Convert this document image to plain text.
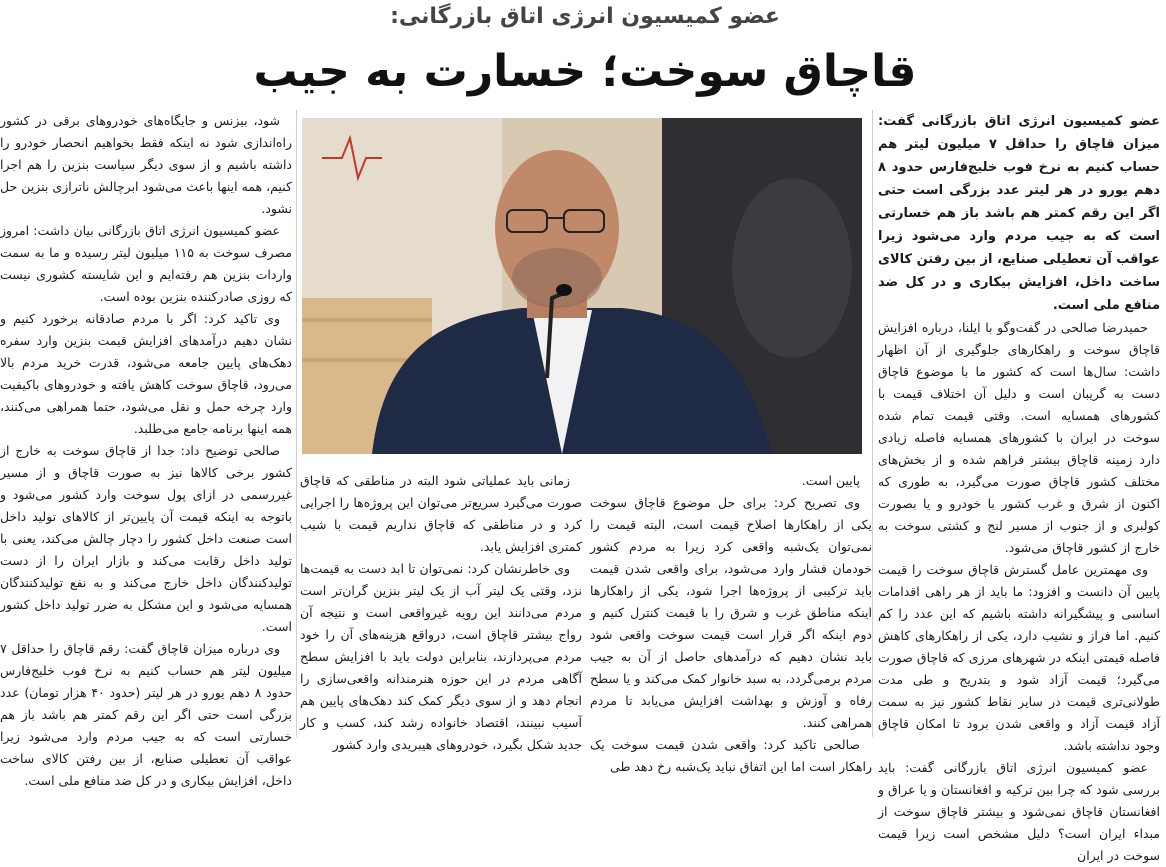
عضو کمیسیون انرژی اتاق بازرگانی:
قاچاق سوخت؛ خسارت به جیب

عضو کمیسیون انرژی اتاق بازرگانی گفت: میزان قاچاق را حداقل ۷ میلیون لیتر هم حساب کنیم به نرخ فوب خلیج‌فارس حدود ۸ دهم یورو در هر لیتر عدد بزرگی است حتی اگر این رقم کمتر هم باشد باز هم خسارتی است که به جیب مردم وارد می‌شود زیرا عواقب آن تعطیلی صنایع، از بین رفتن کالای ساخت داخل، افزایش بیکاری و در کل ضد منافع ملی است.

حمیدرضا صالحی در گفت‌وگو با ایلنا، درباره افزایش قاچاق سوخت و راهکارهای جلوگیری از آن اظهار داشت: سال‌ها است که کشور ما با موضوع قاچاق دست به گریبان است و دلیل آن اختلاف قیمت با کشورهای همسایه است. وقتی قیمت تمام شده سوخت در ایران با کشورهای همسایه فاصله زیادی دارد زمینه قاچاق بیشتر فراهم شده و از بخش‌های مختلف کشور قاچاق صورت می‌گیرد، به طوری که اکنون از شرق و غرب کشور با خودرو و یا بصورت کولبری و از جنوب از مسیر لنج و کشتی سوخت به خارج از کشور قاچاق می‌شود.

وی مهمترین عامل گسترش قاچاق سوخت را قیمت پایین آن دانست و افزود: ما باید از هر راهی اقدامات اساسی و پیشگیرانه داشته باشیم که این عدد را کم کنیم. اما فراز و نشیب دارد، یکی از راهکارهای کاهش فاصله قیمتی اینکه در شهرهای مرزی که قاچاق صورت می‌گیرد؛ قیمت آزاد شود و بتدریج و طی مدت طولانی‌تری قیمت در سایر نقاط کشور نیز به سمت آزاد قیمت آزاد و واقعی شدن برود تا امکان قاچاق وجود نداشته باشد.

عضو کمیسیون انرژی اتاق بازرگانی گفت: باید بررسی شود که چرا بین ترکیه و افغانستان و یا عراق و افغانستان قاچاق نمی‌شود و بیشتر قاچاق سوخت از مبداء ایران است؟ دلیل مشخص است زیرا قیمت سوخت در ایران

پایین است.

وی تصریح کرد: برای حل موضوع قاچاق سوخت یکی از راهکارها اصلاح قیمت است، البته قیمت را نمی‌توان یک‌شبه واقعی کرد زیرا به مردم کشور خودمان فشار وارد می‌شود، برای واقعی شدن قیمت باید ترکیبی از پروژه‌ها اجرا شود، یکی از راهکارها اینکه مناطق غرب و شرق را با قیمت کنترل کنیم و دوم اینکه اگر قرار است قیمت سوخت واقعی شود باید نشان دهیم که درآمدهای حاصل از آن به جیب مردم برمی‌گردد، به سبد خانوار کمک می‌کند و یا سطح رفاه و آوزش و بهداشت افزایش می‌یابد تا مردم همراهی کنند.

صالحی تاکید کرد: واقعی شدن قیمت سوخت یک راهکار است اما این اتفاق نباید یک‌شبه رخ دهد طی

زمانی باید عملیاتی شود البته در مناطقی که قاچاق صورت می‌گیرد سریع‌تر می‌توان این پروژه‌ها را اجرایی کرد و در مناطقی که قاچاق نداریم قیمت با شیب کمتری افزایش یابد.

وی خاطرنشان کرد: نمی‌توان تا ابد دست به قیمت‌ها نزد، وقتی یک لیتر آب از یک لیتر بنزین گران‌تر است مردم می‌دانند این رویه غیرواقعی است و نتیجه آن رواج بیشتر قاچاق است، درواقع هزینه‌های آن را خود مردم می‌پردازند، بنابراین دولت باید با افزایش سطح آگاهی مردم در این حوزه هنرمندانه واقعی‌سازی را انجام دهد و از سوی دیگر کمک کند دهک‌های پایین هم آسیب نبینند، اقتصاد خانواده رشد کند، کسب و کار جدید شکل بگیرد، خودروهای هیبریدی وارد کشور

شود، بیزنس و جایگاه‌های خودروهای برقی در کشور راه‌اندازی شود نه اینکه فقط بخواهیم انحصار خودرو را داشته باشیم و از سوی دیگر سیاست بنزین را هم اجرا کنیم، همه اینها باعث می‌شود ابرچالش ناترازی بنزین حل نشود.

عضو کمیسیون انرژی اتاق بازرگانی بیان داشت: امروز مصرف سوخت به ۱۱۵ میلیون لیتر رسیده و ما به سمت واردات بنزین هم رفته‌ایم و این شایسته کشوری نیست که روزی صادرکننده بنزین بوده است.

وی تاکید کرد: اگر با مردم صادقانه برخورد کنیم و نشان دهیم درآمدهای افزایش قیمت بنزین وارد سفره دهک‌های پایین جامعه می‌شود، قدرت خرید مردم بالا می‌رود، قاچاق سوخت کاهش یافته و خودروهای باکیفیت وارد چرخه حمل و نقل می‌شود، حتما همراهی می‌کنند، همه اینها برنامه جامع می‌طلبد.

صالحی توضیح داد: جدا از قاچاق سوخت به خارج از کشور برخی کالاها نیز به صورت قاچاق و از مسیر غیررسمی در ازای پول سوخت وارد کشور می‌شود و باتوجه به اینکه قیمت آن پایین‌تر از کالاهای تولید داخل است صنعت داخل کشور را دچار چالش می‌کند، یعنی با تولید داخل رقابت می‌کند و بازار ایران را از دست تولیدکنندگان داخل خارج می‌کند و به نفع تولیدکنندگان همسایه می‌شود و این مشکل به ضرر تولید داخل کشور است.

وی درباره میزان قاچاق گفت: رقم قاچاق را حداقل ۷ میلیون لیتر هم حساب کنیم به نرخ فوب خلیج‌فارس حدود ۸ دهم یورو در هر لیتر (حدود ۴۰ هزار تومان) عدد بزرگی است حتی اگر این رقم کمتر هم باشد باز هم خسارتی است که به جیب مردم وارد می‌شود زیرا عواقب آن تعطیلی صنایع، از بین رفتن کالای ساخت داخل، افزایش بیکاری و در کل ضد منافع ملی است.
